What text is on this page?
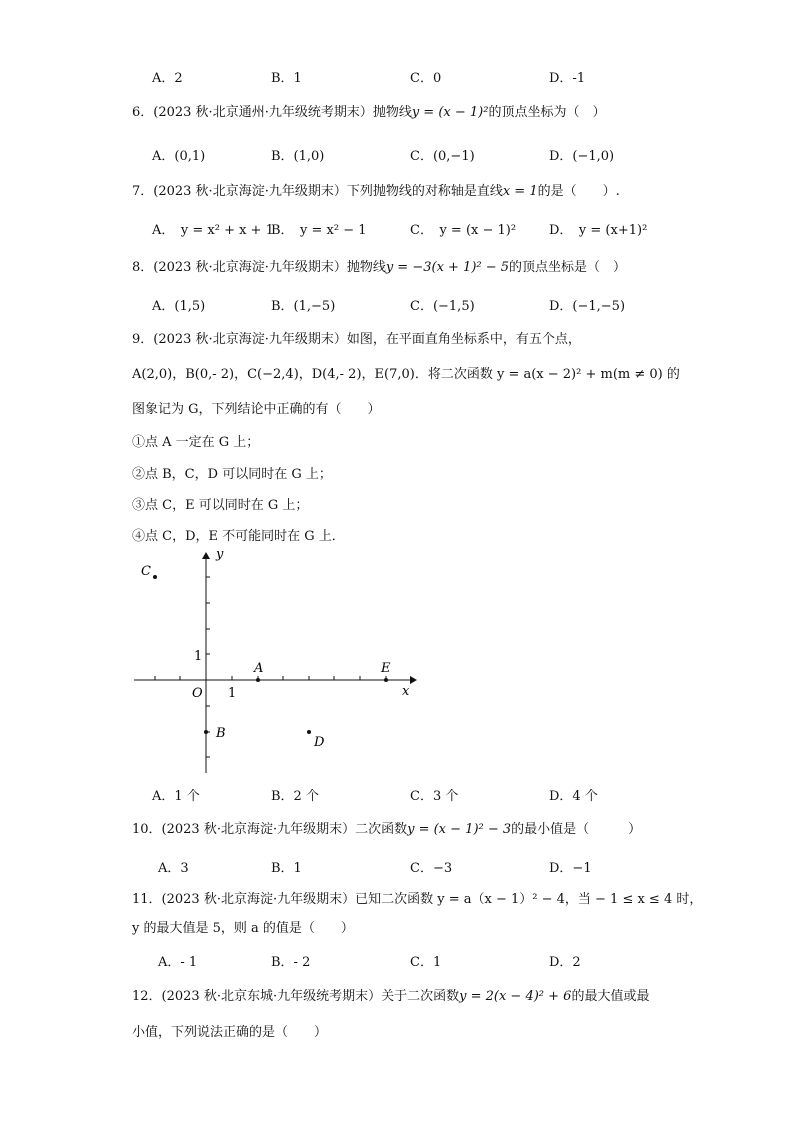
A．2	B．1	C．0	D．-1
6．(2023 秋·北京通州·九年级统考期末）抛物线y = (x − 1)²的顶点坐标为（　）
A．(0,1)	B．(1,0)	C．(0,−1)	D．(−1,0)
7．(2023 秋·北京海淀·九年级期末）下列抛物线的对称轴是直线x = 1的是（　　）.
A．　y = x² + x + 1
B．　y = x² − 1	C．　y = (x − 1)²	D．　y = (x+1)²
8．(2023 秋·北京海淀·九年级期末）抛物线y = −3(x + 1)² − 5的顶点坐标是（　）
A．(1,5)	B．(1,−5)	C．(−1,5)	D．(−1,−5)
9．(2023 秋·北京海淀·九年级期末）如图，在平面直角坐标系中，有五个点，
A(2,0)，B(0,- 2)，C(−2,4)，D(4,- 2)，E(7,0)．将二次函数 y = a(x − 2)² + m(m ≠ 0) 的
图象记为 G，下列结论中正确的有（　　）
①点 A 一定在 G 上；
②点 B，C，D 可以同时在 G 上；
③点 C，E 可以同时在 G 上；
④点 C，D，E 不可能同时在 G 上．
y
x
O 1
1
A
B
C
D
E
A．1 个	B．2 个	C．3 个	D．4 个
10．(2023 秋·北京海淀·九年级期末）二次函数y = (x − 1)² − 3的最小值是（　　　）
A．3	B．1	C．−3	D．−1
11．(2023 秋·北京海淀·九年级期末）已知二次函数 y = a（x − 1）² − 4，当 − 1 ≤ x ≤ 4 时，
y 的最大值是 5，则 a 的值是（　　）
A．- 1	B．- 2	C．1	D．2
12．(2023 秋·北京东城·九年级统考期末）关于二次函数y = 2(x − 4)² + 6的最大值或最
小值，下列说法正确的是（　　）
